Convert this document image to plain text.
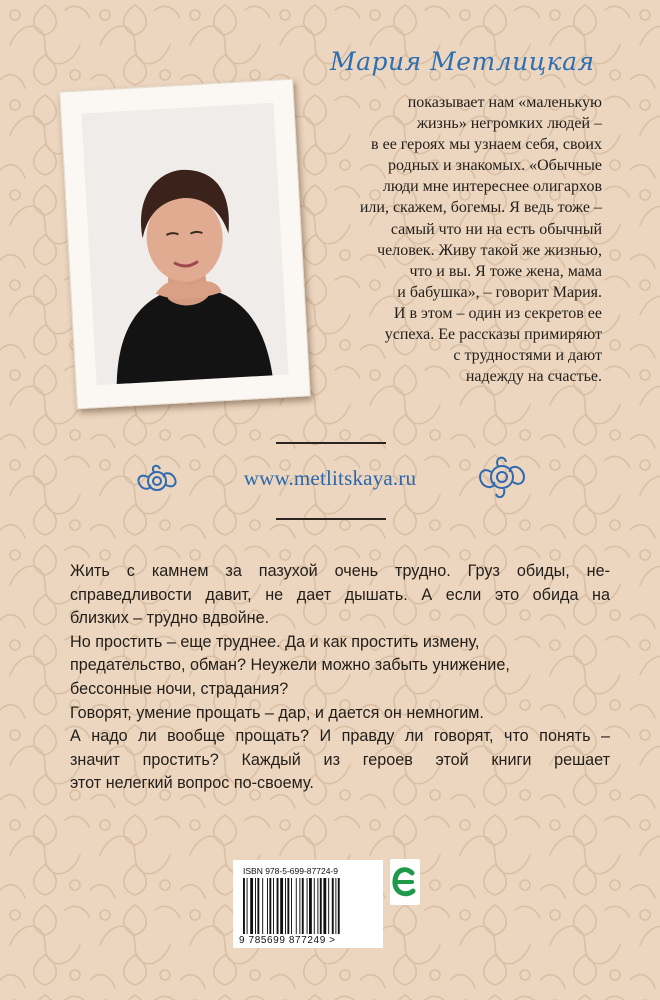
Мария Метлицкая
показывает нам «маленькую
жизнь» негромких людей –
в ее героях мы узнаем себя, своих
родных и знакомых. «Обычные
люди мне интереснее олигархов
или, скажем, богемы. Я ведь тоже –
самый что ни на есть обычный
человек. Живу такой же жизнью,
что и вы. Я тоже жена, мама
и бабушка», – говорит Мария.
И в этом – один из секретов ее
успеха. Ее рассказы примиряют
с трудностями и дают
надежду на счастье.
www.metlitskaya.ru
Жить с камнем за пазухой очень трудно. Груз обиды, не-
справедливости давит, не дает дышать. А если это обида на
близких – трудно вдвойне.
Но простить – еще труднее. Да и как простить измену,
предательство, обман? Неужели можно забыть унижение,
бессонные ночи, страдания?
Говорят, умение прощать – дар, и дается он немногим.
А надо ли вообще прощать? И правду ли говорят, что понять –
значит простить? Каждый из героев этой книги решает
этот нелегкий вопрос по-своему.
ISBN 978-5-699-87724-9
9 785699 877249 >
